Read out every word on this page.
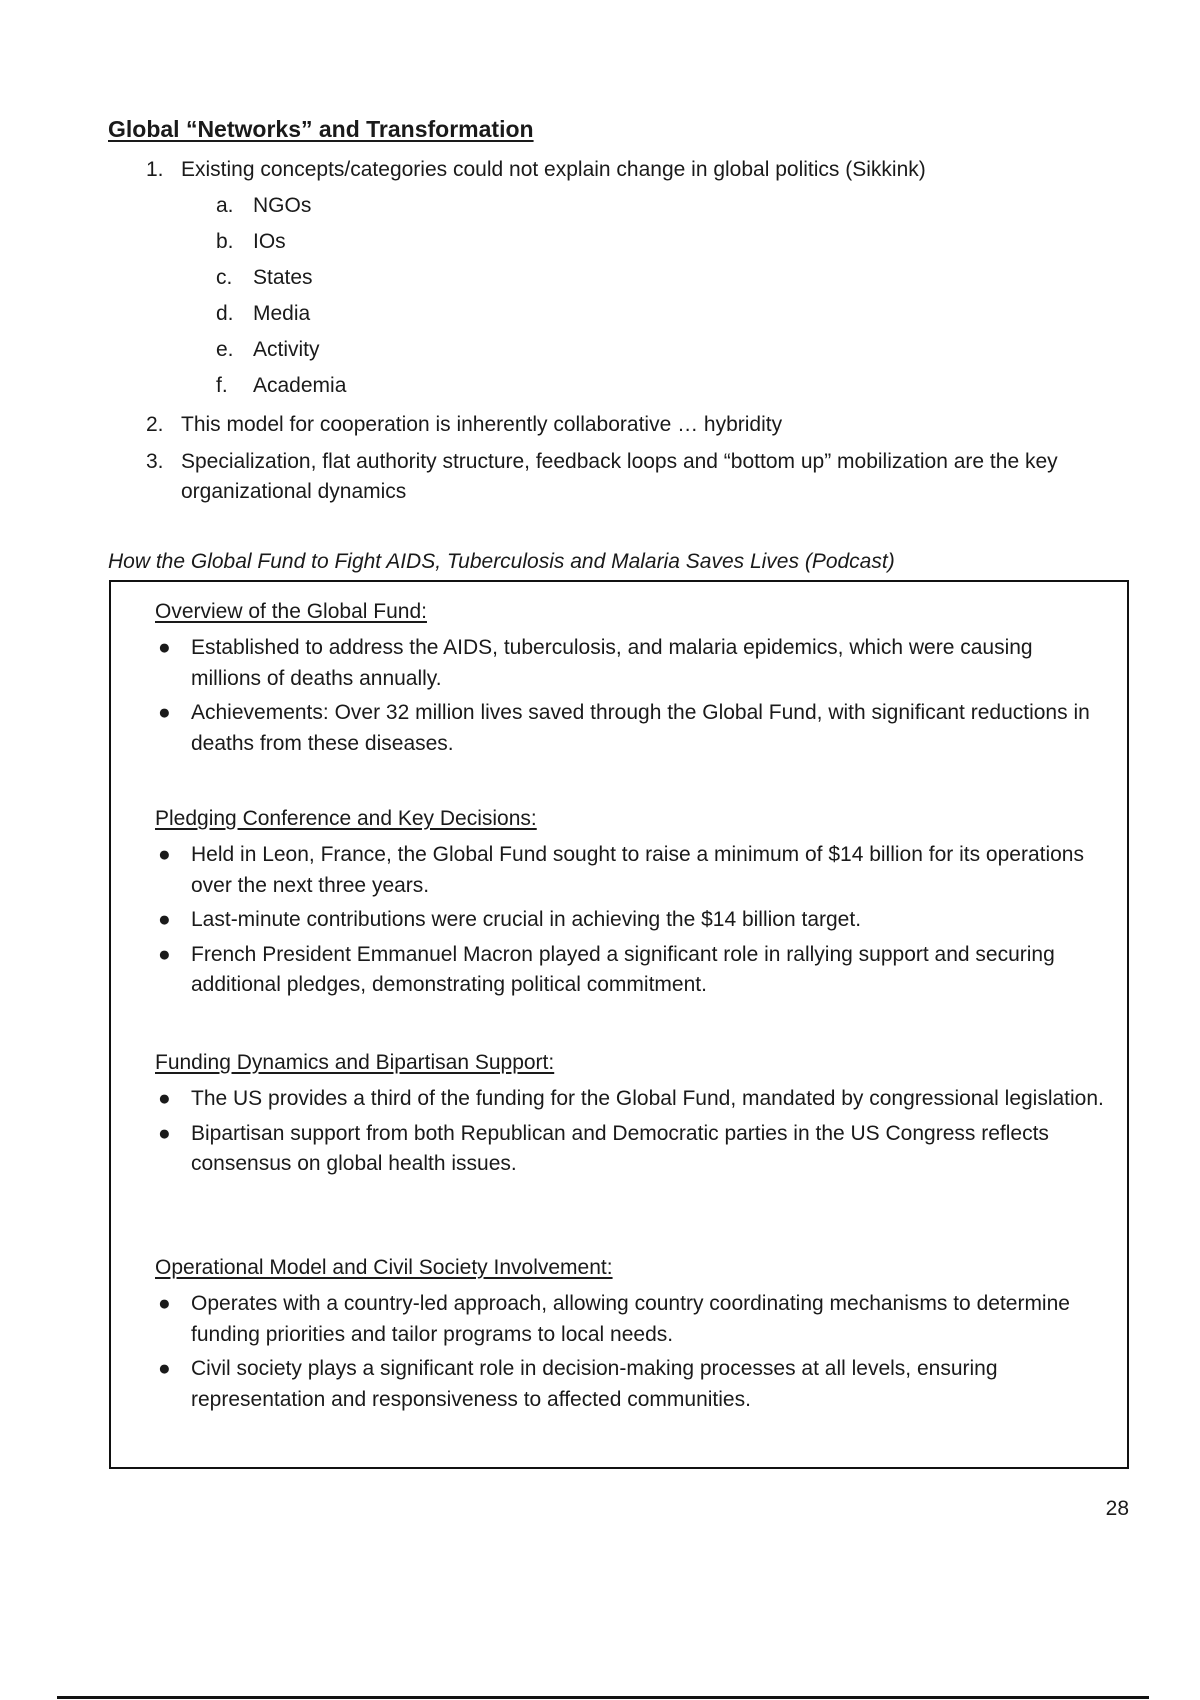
Global “Networks” and Transformation
1. Existing concepts/categories could not explain change in global politics (Sikkink)
a. NGOs
b. IOs
c. States
d. Media
e. Activity
f. Academia
2. This model for cooperation is inherently collaborative … hybridity
3. Specialization, flat authority structure, feedback loops and “bottom up” mobilization are the key organizational dynamics
How the Global Fund to Fight AIDS, Tuberculosis and Malaria Saves Lives (Podcast)
Overview of the Global Fund:
● Established to address the AIDS, tuberculosis, and malaria epidemics, which were causing millions of deaths annually.
● Achievements: Over 32 million lives saved through the Global Fund, with significant reductions in deaths from these diseases.
Pledging Conference and Key Decisions:
● Held in Leon, France, the Global Fund sought to raise a minimum of $14 billion for its operations over the next three years.
● Last-minute contributions were crucial in achieving the $14 billion target.
● French President Emmanuel Macron played a significant role in rallying support and securing additional pledges, demonstrating political commitment.
Funding Dynamics and Bipartisan Support:
● The US provides a third of the funding for the Global Fund, mandated by congressional legislation.
● Bipartisan support from both Republican and Democratic parties in the US Congress reflects consensus on global health issues.
Operational Model and Civil Society Involvement:
● Operates with a country-led approach, allowing country coordinating mechanisms to determine funding priorities and tailor programs to local needs.
● Civil society plays a significant role in decision-making processes at all levels, ensuring representation and responsiveness to affected communities.
28
